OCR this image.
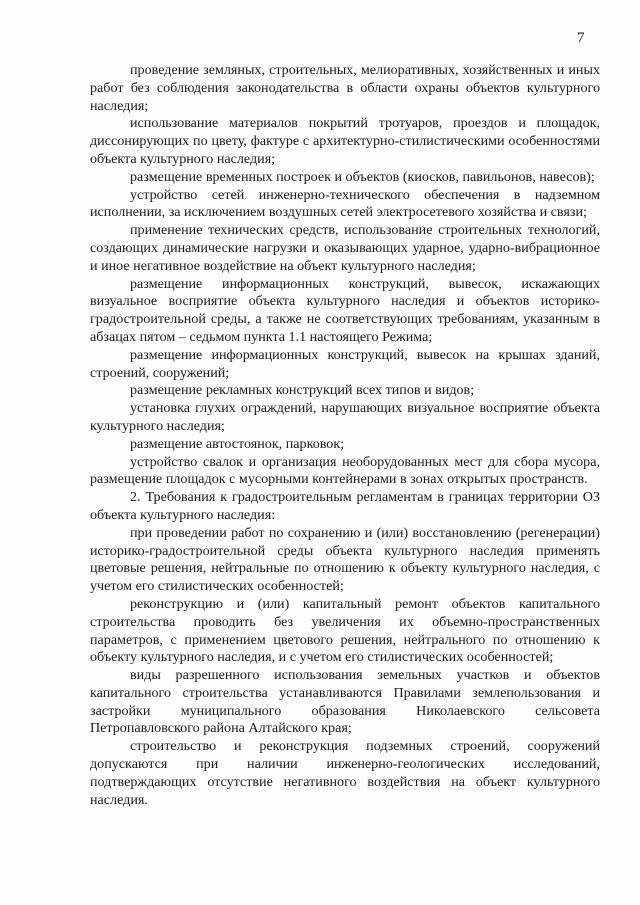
7

проведение земляных, строительных, мелиоративных, хозяйственных и иных работ без соблюдения законодательства в области охраны объектов культурного наследия;

использование материалов покрытий тротуаров, проездов и площадок, диссонирующих по цвету, фактуре с архитектурно-стилистическими особенностями объекта культурного наследия;

размещение временных построек и объектов (киосков, павильонов, навесов);

устройство сетей инженерно-технического обеспечения в надземном исполнении, за исключением воздушных сетей электросетевого хозяйства и связи;

применение технических средств, использование строительных технологий, создающих динамические нагрузки и оказывающих ударное, ударно-вибрационное и иное негативное воздействие на объект культурного наследия;

размещение информационных конструкций, вывесок, искажающих визуальное восприятие объекта культурного наследия и объектов историко-градостроительной среды, а также не соответствующих требованиям, указанным в абзацах пятом – седьмом пункта 1.1 настоящего Режима;

размещение информационных конструкций, вывесок на крышах зданий, строений, сооружений;

размещение рекламных конструкций всех типов и видов;

установка глухих ограждений, нарушающих визуальное восприятие объекта культурного наследия;

размещение автостоянок, парковок;

устройство свалок и организация необорудованных мест для сбора мусора, размещение площадок с мусорными контейнерами в зонах открытых пространств.

2. Требования к градостроительным регламентам в границах территории ОЗ объекта культурного наследия:

при проведении работ по сохранению и (или) восстановлению (регенерации) историко-градостроительной среды объекта культурного наследия применять цветовые решения, нейтральные по отношению к объекту культурного наследия, с учетом его стилистических особенностей;

реконструкцию и (или) капитальный ремонт объектов капитального строительства проводить без увеличения их объемно-пространственных параметров, с применением цветового решения, нейтрального по отношению к объекту культурного наследия, и с учетом его стилистических особенностей;

виды разрешенного использования земельных участков и объектов капитального строительства устанавливаются Правилами землепользования и застройки муниципального образования Николаевского сельсовета Петропавловского района Алтайского края;

строительство и реконструкция подземных строений, сооружений допускаются при наличии инженерно-геологических исследований, подтверждающих отсутствие негативного воздействия на объект культурного наследия.
